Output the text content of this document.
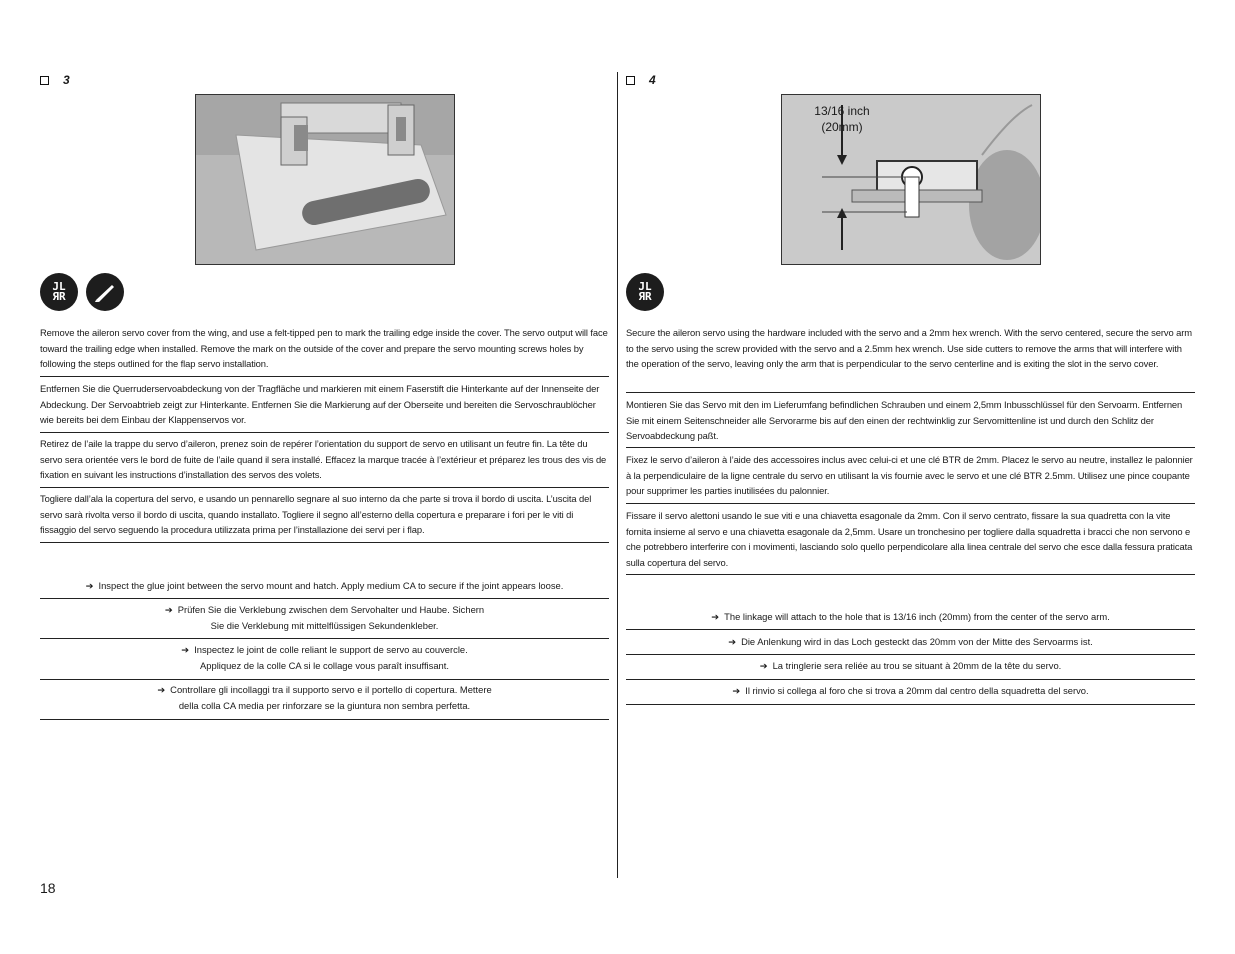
3
JL
ЯR
Remove the aileron servo cover from the wing, and use a felt-tipped pen to mark the trailing edge inside the cover. The servo output will face toward the trailing edge when installed. Remove the mark on the outside of the cover and prepare the servo mounting screws holes by following the steps outlined for the flap servo installation.
Entfernen Sie die Querruderservoabdeckung von der Tragfläche und markieren mit einem Faserstift die Hinterkante auf der Innenseite der Abdeckung. Der Servoabtrieb zeigt zur Hinterkante. Entfernen Sie die Markierung auf der Oberseite und bereiten die Servoschraublöcher wie bereits bei dem Einbau der Klappenservos vor.
Retirez de l’aile la trappe du servo d’aileron, prenez soin de repérer l’orientation du support de servo en utilisant un feutre fin. La tête du servo sera orientée vers le bord de fuite de l’aile quand il sera installé. Effacez la marque tracée à l’extérieur et préparez les trous des vis de fixation en suivant les instructions d’installation des servos des volets.
Togliere dall’ala la copertura del servo, e usando un pennarello segnare al suo interno da che parte si trova il bordo di uscita. L’uscita del servo sarà rivolta verso il bordo di uscita, quando installato. Togliere il segno all’esterno della copertura e preparare i fori per le viti di fissaggio del servo seguendo la procedura utilizzata prima per l’installazione dei servi per i flap.
➔ Inspect the glue joint between the servo mount and hatch. Apply medium CA to secure if the joint appears loose.
➔ Prüfen Sie die Verklebung zwischen dem Servohalter und Haube. Sichern
Sie die Verklebung mit mittelflüssigen Sekundenkleber.
➔ Inspectez le joint de colle reliant le support de servo au couvercle.
Appliquez de la colle CA si le collage vous paraît insuffisant.
➔ Controllare gli incollaggi tra il supporto servo e il portello di copertura. Mettere
della colla CA media per rinforzare se la giuntura non sembra perfetta.
4
13/16 inch
(20mm)
JL
ЯR
Secure the aileron servo using the hardware included with the servo and a 2mm hex wrench. With the servo centered, secure the servo arm to the servo using the screw provided with the servo and a 2.5mm hex wrench. Use side cutters to remove the arms that will interfere with the operation of the servo, leaving only the arm that is perpendicular to the servo centerline and is exiting the slot in the servo cover.
Montieren Sie das Servo mit den im Lieferumfang befindlichen Schrauben und einem 2,5mm Inbusschlüssel für den Servoarm. Entfernen Sie mit einem Seitenschneider alle Servorarme bis auf den einen der rechtwinklig zur Servomittenline ist und durch den Schlitz der Servoabdeckung paßt.
Fixez le servo d’aileron à l’aide des accessoires inclus avec celui-ci et une clé BTR de 2mm. Placez le servo au neutre, installez le palonnier à la perpendiculaire de la ligne centrale du servo en utilisant la vis fournie avec le servo et une clé BTR 2.5mm. Utilisez une pince coupante pour supprimer les parties inutilisées du palonnier.
Fissare il servo alettoni usando le sue viti e una chiavetta esagonale da 2mm. Con il servo centrato, fissare la sua quadretta con la vite fornita insieme al servo e una chiavetta esagonale da 2,5mm. Usare un tronchesino per togliere dalla squadretta i bracci che non servono e che potrebbero interferire con i movimenti, lasciando solo quello perpendicolare alla linea centrale del servo che esce dalla fessura praticata sulla copertura del servo.
➔ The linkage will attach to the hole that is 13/16 inch (20mm) from the center of the servo arm.
➔ Die Anlenkung wird in das Loch gesteckt das 20mm von der Mitte des Servoarms ist.
➔ La tringlerie sera reliée au trou se situant à 20mm de la tête du servo.
➔ Il rinvio si collega al foro che si trova a 20mm dal centro della squadretta del servo.
18
